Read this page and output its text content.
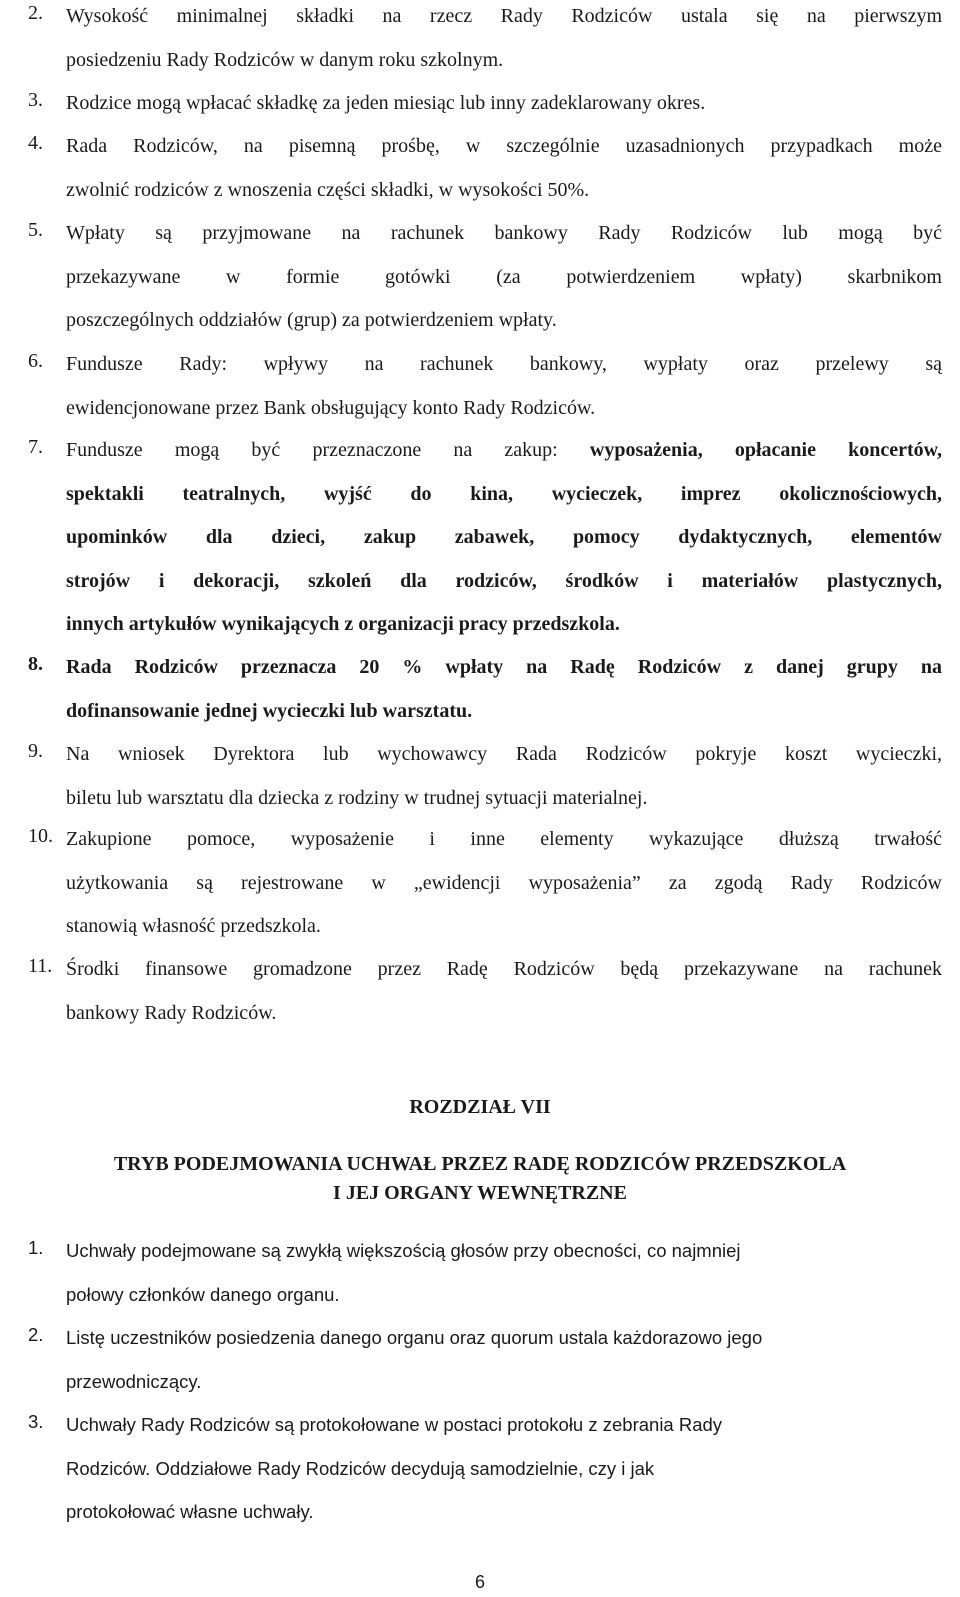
2. Wysokość minimalnej składki na rzecz Rady Rodziców ustala się na pierwszym
posiedzeniu Rady Rodziców w danym roku szkolnym.
3. Rodzice mogą wpłacać składkę za jeden miesiąc lub inny zadeklarowany okres.
4. Rada Rodziców, na pisemną prośbę, w szczególnie uzasadnionych przypadkach może
zwolnić rodziców z wnoszenia części składki, w wysokości 50%.
5. Wpłaty są przyjmowane na rachunek bankowy Rady Rodziców lub mogą być
przekazywane w formie gotówki (za potwierdzeniem wpłaty) skarbnikom
poszczególnych oddziałów (grup) za potwierdzeniem wpłaty.
6. Fundusze Rady: wpływy na rachunek bankowy, wypłaty oraz przelewy są
ewidencjonowane przez Bank obsługujący konto Rady Rodziców.
7. Fundusze mogą być przeznaczone na zakup: wyposażenia, opłacanie koncertów,
spektakli teatralnych, wyjść do kina, wycieczek, imprez okolicznościowych,
upominków dla dzieci, zakup zabawek, pomocy dydaktycznych, elementów
strojów i dekoracji, szkoleń dla rodziców, środków i materiałów plastycznych,
innych artykułów wynikających z organizacji pracy przedszkola.
8. Rada Rodziców przeznacza 20 % wpłaty na Radę Rodziców z danej grupy na
dofinansowanie jednej wycieczki lub warsztatu.
9. Na wniosek Dyrektora lub wychowawcy Rada Rodziców pokryje koszt wycieczki,
biletu lub warsztatu dla dziecka z rodziny w trudnej sytuacji materialnej.
10. Zakupione pomoce, wyposażenie i inne elementy wykazujące dłuższą trwałość
użytkowania są rejestrowane w „ewidencji wyposażenia” za zgodą Rady Rodziców
stanowią własność przedszkola.
11. Środki finansowe gromadzone przez Radę Rodziców będą przekazywane na rachunek
bankowy Rady Rodziców.
ROZDZIAŁ VII
TRYB PODEJMOWANIA UCHWAŁ PRZEZ RADĘ RODZICÓW PRZEDSZKOLA
I JEJ ORGANY WEWNĘTRZNE
1. Uchwały podejmowane są zwykłą większością głosów przy obecności, co najmniej
połowy członków danego organu.
2. Listę uczestników posiedzenia danego organu oraz quorum ustala każdorazowo jego
przewodniczący.
3. Uchwały Rady Rodziców są protokołowane w postaci protokołu z zebrania Rady
Rodziców. Oddziałowe Rady Rodziców decydują samodzielnie, czy i jak
protokołować własne uchwały.
6
